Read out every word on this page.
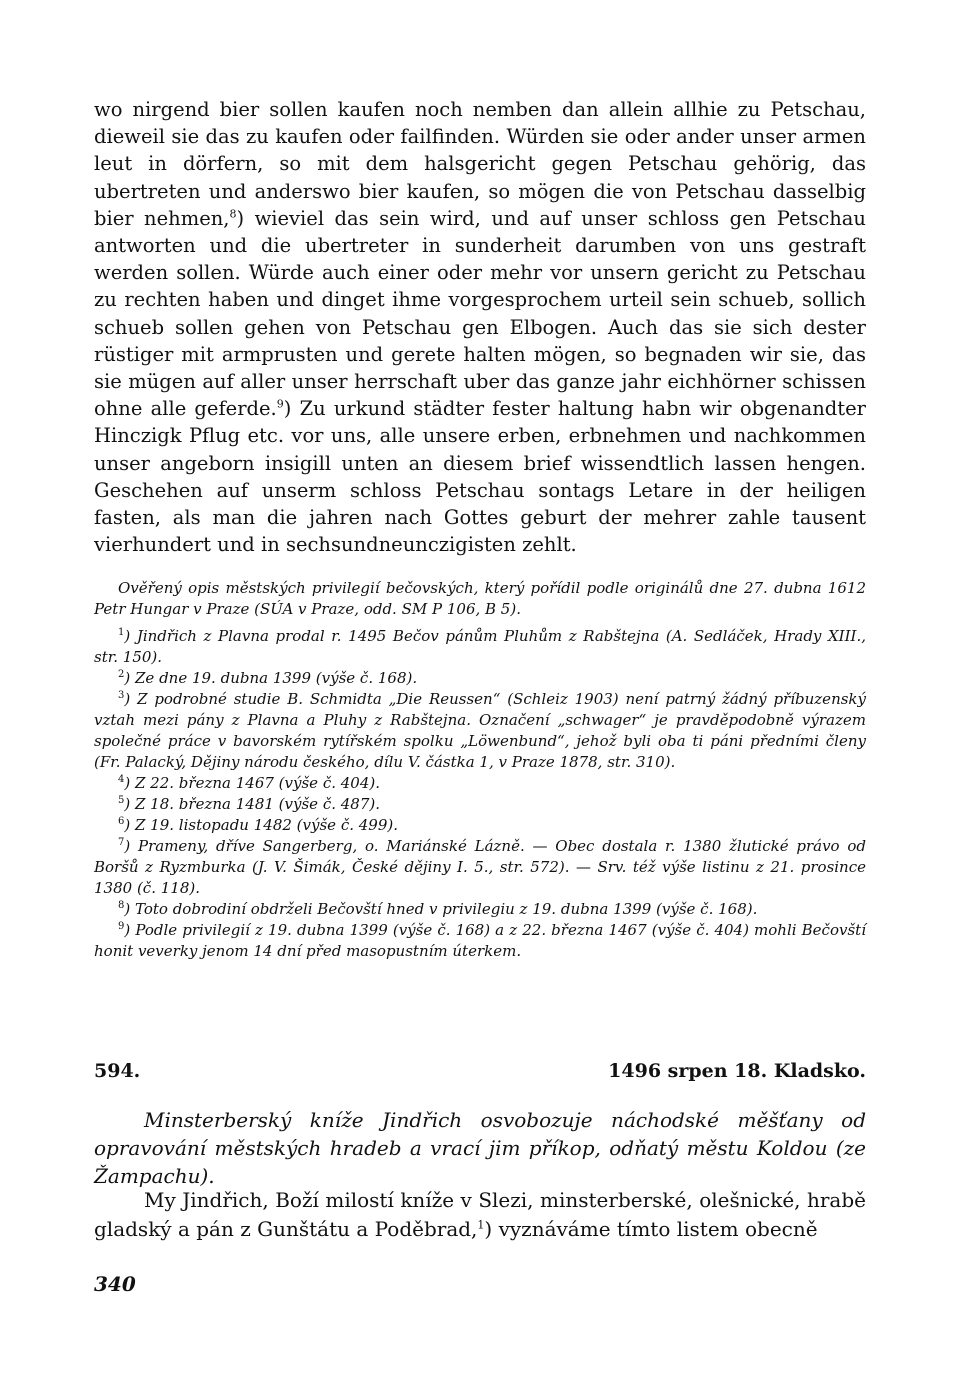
wo nirgend bier sollen kaufen noch nemben dan allein allhie zu Petschau, dieweil sie das zu kaufen oder failfinden. Würden sie oder ander unser armen leut in dörfern, so mit dem halsgericht gegen Petschau gehörig, das ubertreten und anderswo bier kaufen, so mögen die von Petschau dasselbig bier nehmen,$^8$) wieviel das sein wird, und auf unser schloss gen Petschau antworten und die ubertreter in sunderheit darumben von uns gestraft werden sollen. Würde auch einer oder mehr vor unsern gericht zu Petschau zu rechten haben und dinget ihme vorgesprochem urteil sein schueb, sollich schueb sollen gehen von Petschau gen Elbogen. Auch das sie sich dester rüstiger mit armprusten und gerete halten mögen, so begnaden wir sie, das sie mügen auf aller unser herrschaft uber das ganze jahr eichhörner schissen ohne alle geferde.$^9$) Zu urkund städter fester haltung habn wir obgenandter Hinczigk Pflug etc. vor uns, alle unsere erben, erbnehmen und nachkommen unser angeborn insigill unten an diesem brief wissendtlich lassen hengen. Geschehen auf unserm schloss Petschau sontags Letare in der heiligen fasten, als man die jahren nach Gottes geburt der mehrer zahle tausent vierhundert und in sechsundneunczigisten zehlt.

Ověřený opis městských privilegií bečovských, který pořídil podle originálů dne 27. dubna 1612 Petr Hungar v Praze (SÚA v Praze, odd. SM P 106, B 5).

$^1$) Jindřich z Plavna prodal r. 1495 Bečov pánům Pluhům z Rabštejna (A. Sedláček, Hrady XIII., str. 150).

$^2$) Ze dne 19. dubna 1399 (výše č. 168).

$^3$) Z podrobné studie B. Schmidta „Die Reussen“ (Schleiz 1903) není patrný žádný příbuzenský vztah mezi pány z Plavna a Pluhy z Rabštejna. Označení „schwager“ je pravděpodobně výrazem společné práce v bavorském rytířském spolku „Löwenbund“, jehož byli oba ti páni předními členy (Fr. Palacký, Dějiny národu českého, dílu V. částka 1, v Praze 1878, str. 310).

$^4$) Z 22. března 1467 (výše č. 404).

$^5$) Z 18. března 1481 (výše č. 487).

$^6$) Z 19. listopadu 1482 (výše č. 499).

$^7$) Prameny, dříve Sangerberg, o. Mariánské Lázně. — Obec dostala r. 1380 žlutické právo od Boršů z Ryzmburka (J. V. Šimák, České dějiny I. 5., str. 572). — Srv. též výše listinu z 21. prosince 1380 (č. 118).

$^8$) Toto dobrodiní obdrželi Bečovští hned v privilegiu z 19. dubna 1399 (výše č. 168).

$^9$) Podle privilegií z 19. dubna 1399 (výše č. 168) a z 22. března 1467 (výše č. 404) mohli Bečovští honit veverky jenom 14 dní před masopustním úterkem.

594.	1496 srpen 18. Kladsko.
Minsterberský kníže Jindřich osvobozuje náchodské měšťany od opravování městských hradeb a vrací jim příkop, odňatý městu Koldou (ze Žampachu).
My Jindřich, Boží milostí kníže v Slezi, minsterberské, olešnické, hrabě gladský a pán z Gunštátu a Poděbrad,$^1$) vyznáváme tímto listem obecně
340
